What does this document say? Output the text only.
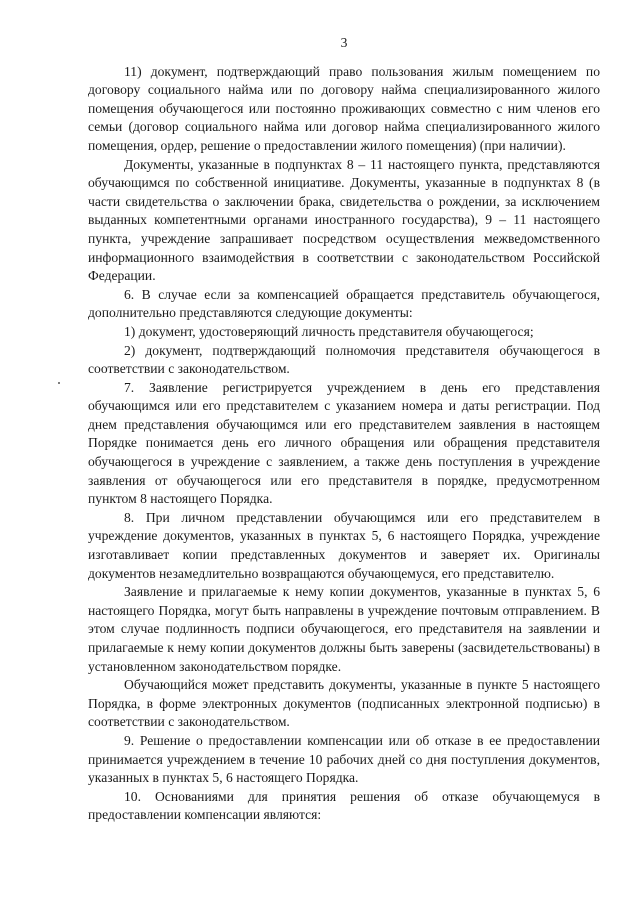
3

11) документ, подтверждающий право пользования жилым помещением по договору социального найма или по договору найма специализированного жилого помещения обучающегося или постоянно проживающих совместно с ним членов его семьи (договор социального найма или договор найма специализированного жилого помещения, ордер, решение о предоставлении жилого помещения) (при наличии).

Документы, указанные в подпунктах 8 – 11 настоящего пункта, представляются обучающимся по собственной инициативе. Документы, указанные в подпунктах 8 (в части свидетельства о заключении брака, свидетельства о рождении, за исключением выданных компетентными органами иностранного государства), 9 – 11 настоящего пункта, учреждение запрашивает посредством осуществления межведомственного информационного взаимодействия в соответствии с законодательством Российской Федерации.

6. В случае если за компенсацией обращается представитель обучающегося, дополнительно представляются следующие документы:

1) документ, удостоверяющий личность представителя обучающегося;

2) документ, подтверждающий полномочия представителя обучающегося в соответствии с законодательством.

7. Заявление регистрируется учреждением в день его представления обучающимся или его представителем с указанием номера и даты регистрации. Под днем представления обучающимся или его представителем заявления в настоящем Порядке понимается день его личного обращения или обращения представителя обучающегося в учреждение с заявлением, а также день поступления в учреждение заявления от обучающегося или его представителя в порядке, предусмотренном пунктом 8 настоящего Порядка.

8. При личном представлении обучающимся или его представителем в учреждение документов, указанных в пунктах 5, 6 настоящего Порядка, учреждение изготавливает копии представленных документов и заверяет их. Оригиналы документов незамедлительно возвращаются обучающемуся, его представителю.

Заявление и прилагаемые к нему копии документов, указанные в пунктах 5, 6 настоящего Порядка, могут быть направлены в учреждение почтовым отправлением. В этом случае подлинность подписи обучающегося, его представителя на заявлении и прилагаемые к нему копии документов должны быть заверены (засвидетельствованы) в установленном законодательством порядке.

Обучающийся может представить документы, указанные в пункте 5 настоящего Порядка, в форме электронных документов (подписанных электронной подписью) в соответствии с законодательством.

9. Решение о предоставлении компенсации или об отказе в ее предоставлении принимается учреждением в течение 10 рабочих дней со дня поступления документов, указанных в пунктах 5, 6 настоящего Порядка.

10. Основаниями для принятия решения об отказе обучающемуся в предоставлении компенсации являются:
